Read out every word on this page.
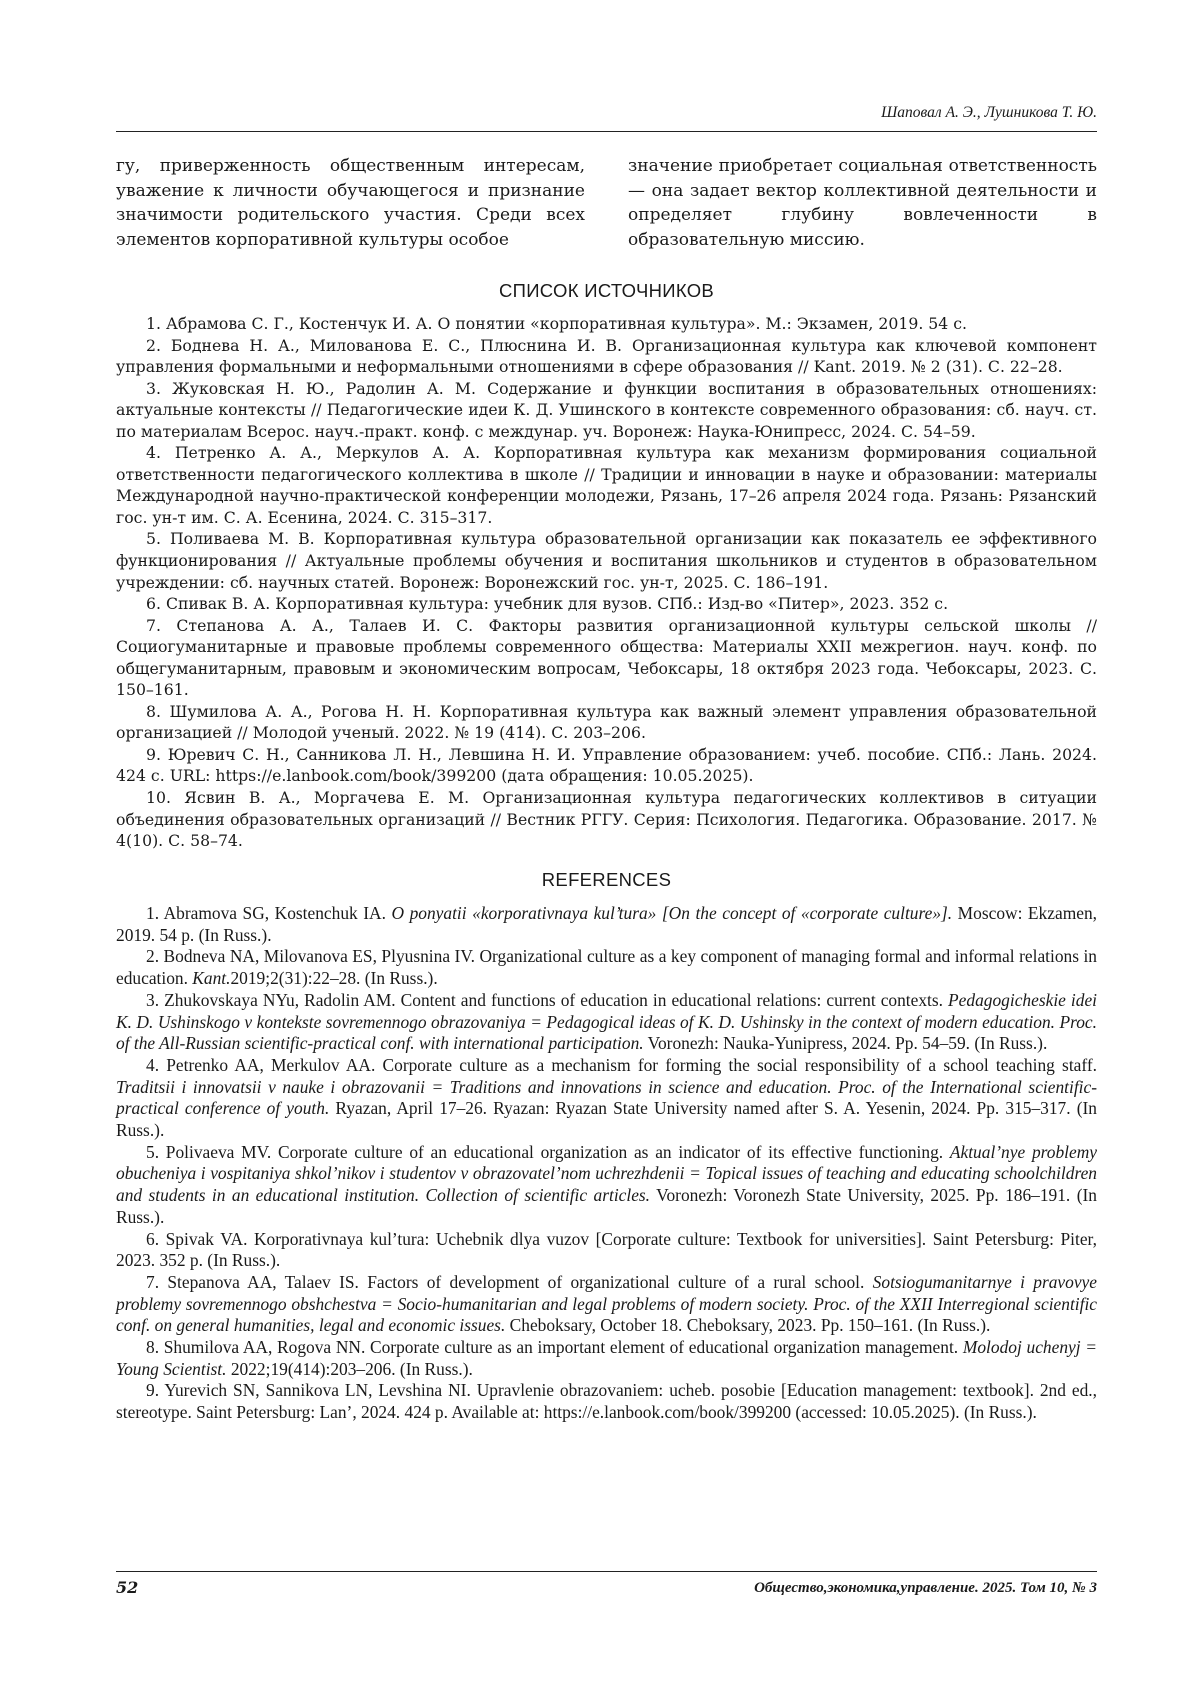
Шаповал А. Э., Лушникова Т. Ю.

гу, приверженность общественным интересам, уважение к личности обучающегося и признание значимости родительского участия. Среди всех элементов корпоративной культуры особое

значение приобретает социальная ответственность — она задает вектор коллективной деятельности и определяет глубину вовлеченности в образовательную миссию.

СПИСОК ИСТОЧНИКОВ
1. Абрамова С. Г., Костенчук И. А. О понятии «корпоративная культура». М.: Экзамен, 2019. 54 с.
2. Боднева Н. А., Милованова Е. С., Плюснина И. В. Организационная культура как ключевой компонент управления формальными и неформальными отношениями в сфере образования // Kant. 2019. № 2 (31). С. 22–28.
3. Жуковская Н. Ю., Радолин А. М. Содержание и функции воспитания в образовательных отношениях: актуальные контексты // Педагогические идеи К. Д. Ушинского в контексте современного образования: сб. науч. ст. по материалам Всерос. науч.-практ. конф. с междунар. уч. Воронеж: Наука-Юнипресс, 2024. С. 54–59.
4. Петренко А. А., Меркулов А. А. Корпоративная культура как механизм формирования социальной ответственности педагогического коллектива в школе // Традиции и инновации в науке и образовании: материалы Международной научно-практической конференции молодежи, Рязань, 17–26 апреля 2024 года. Рязань: Рязанский гос. ун-т им. С. А. Есенина, 2024. С. 315–317.
5. Поливаева М. В. Корпоративная культура образовательной организации как показатель ее эффективного функционирования // Актуальные проблемы обучения и воспитания школьников и студентов в образовательном учреждении: сб. научных статей. Воронеж: Воронежский гос. ун-т, 2025. С. 186–191.
6. Спивак В. А. Корпоративная культура: учебник для вузов. СПб.: Изд-во «Питер», 2023. 352 с.
7. Степанова А. А., Талаев И. С. Факторы развития организационной культуры сельской школы // Социогуманитарные и правовые проблемы современного общества: Материалы XXII межрегион. науч. конф. по общегуманитарным, правовым и экономическим вопросам, Чебоксары, 18 октября 2023 года. Чебоксары, 2023. С. 150–161.
8. Шумилова А. А., Рогова Н. Н. Корпоративная культура как важный элемент управления образовательной организацией // Молодой ученый. 2022. № 19 (414). С. 203–206.
9. Юревич С. Н., Санникова Л. Н., Левшина Н. И. Управление образованием: учеб. пособие. СПб.: Лань. 2024. 424 с. URL: https://e.lanbook.com/book/399200 (дата обращения: 10.05.2025).
10. Ясвин В. А., Моргачева Е. М. Организационная культура педагогических коллективов в ситуации объединения образовательных организаций // Вестник РГГУ. Серия: Психология. Педагогика. Образование. 2017. № 4(10). С. 58–74.
REFERENCES
1. Abramova SG, Kostenchuk IA. O ponyatii «korporativnaya kul’tura» [On the concept of «corporate culture»]. Moscow: Ekzamen, 2019. 54 p. (In Russ.).
2. Bodneva NA, Milovanova ES, Plyusnina IV. Organizational culture as a key component of managing formal and informal relations in education. Kant.2019;2(31):22–28. (In Russ.).
3. Zhukovskaya NYu, Radolin AM. Content and functions of education in educational relations: current contexts. Pedagogicheskie idei K. D. Ushinskogo v kontekste sovremennogo obrazovaniya = Pedagogical ideas of K. D. Ushinsky in the context of modern education. Proc. of the All-Russian scientific-practical conf. with international participation. Voronezh: Nauka-Yunipress, 2024. Pp. 54–59. (In Russ.).
4. Petrenko AA, Merkulov AA. Corporate culture as a mechanism for forming the social responsibility of a school teaching staff. Traditsii i innovatsii v nauke i obrazovanii = Traditions and innovations in science and education. Proc. of the International scientific-practical conference of youth. Ryazan, April 17–26. Ryazan: Ryazan State University named after S. A. Yesenin, 2024. Pp. 315–317. (In Russ.).
5. Polivaeva MV. Corporate culture of an educational organization as an indicator of its effective functioning. Aktual’nye problemy obucheniya i vospitaniya shkol’nikov i studentov v obrazovatel’nom uchrezhdenii = Topical issues of teaching and educating schoolchildren and students in an educational institution. Collection of scientific articles. Voronezh: Voronezh State University, 2025. Pp. 186–191. (In Russ.).
6. Spivak VA. Korporativnaya kul’tura: Uchebnik dlya vuzov [Corporate culture: Textbook for universities]. Saint Petersburg: Piter, 2023. 352 p. (In Russ.).
7. Stepanova AA, Talaev IS. Factors of development of organizational culture of a rural school. Sotsiogumanitarnye i pravovye problemy sovremennogo obshchestva = Socio-humanitarian and legal problems of modern society. Proc. of the XXII Interregional scientific conf. on general humanities, legal and economic issues. Cheboksary, October 18. Cheboksary, 2023. Pp. 150–161. (In Russ.).
8. Shumilova AA, Rogova NN. Corporate culture as an important element of educational organization management. Molodoj uchenyj = Young Scientist. 2022;19(414):203–206. (In Russ.).
9. Yurevich SN, Sannikova LN, Levshina NI. Upravlenie obrazovaniem: ucheb. posobie [Education management: textbook]. 2nd ed., stereotype. Saint Petersburg: Lan’, 2024. 424 p. Available at: https://e.lanbook.com/book/399200 (accessed: 10.05.2025). (In Russ.).
52	Общество,экономика,управление. 2025. Том 10, № 3
